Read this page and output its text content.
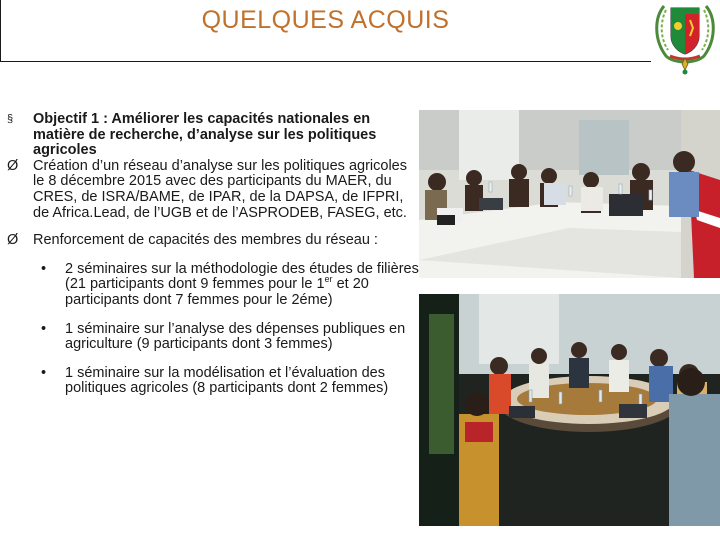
QUELQUES ACQUIS
§ Objectif 1 : Améliorer les capacités nationales en matière de recherche, d’analyse sur les politiques agricoles
Ø Création d’un réseau d’analyse sur les politiques agricoles le 8 décembre 2015 avec des participants du MAER, du CRES, de ISRA/BAME, de IPAR, de la DAPSA, de IFPRI, de Africa.Lead, de l’UGB et de l’ASPRODEB, FASEG, etc.
Ø Renforcement de capacités des membres du réseau :
• 2 séminaires sur la méthodologie des études de filières (21 participants dont 9 femmes pour le 1er et 20 participants dont 7 femmes pour le 2éme)
• 1 séminaire sur l’analyse des dépenses publiques en agriculture (9 participants dont 3 femmes)
• 1 séminaire sur la modélisation et l’évaluation des politiques agricoles (8 participants dont 2 femmes)
